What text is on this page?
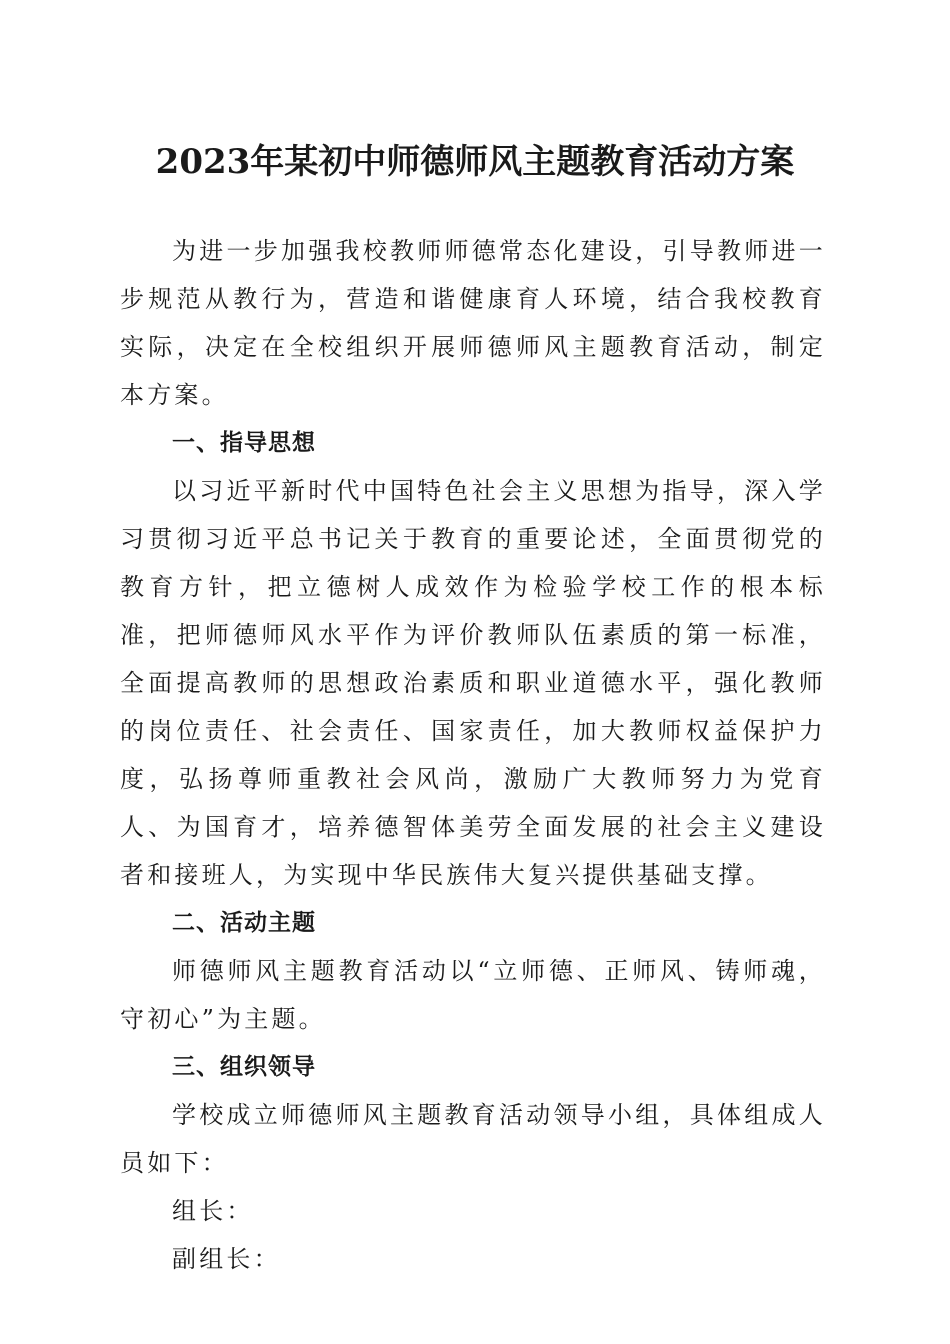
2023年某初中师德师风主题教育活动方案

为进一步加强我校教师师德常态化建设，引导教师进一步规范从教行为，营造和谐健康育人环境，结合我校教育实际，决定在全校组织开展师德师风主题教育活动，制定本方案。

一、指导思想

以习近平新时代中国特色社会主义思想为指导，深入学习贯彻习近平总书记关于教育的重要论述，全面贯彻党的教育方针，把立德树人成效作为检验学校工作的根本标准，把师德师风水平作为评价教师队伍素质的第一标准，全面提高教师的思想政治素质和职业道德水平，强化教师的岗位责任、社会责任、国家责任，加大教师权益保护力度，弘扬尊师重教社会风尚，激励广大教师努力为党育人、为国育才，培养德智体美劳全面发展的社会主义建设者和接班人，为实现中华民族伟大复兴提供基础支撑。

二、活动主题

师德师风主题教育活动以“立师德、正师风、铸师魂，守初心”为主题。

三、组织领导

学校成立师德师风主题教育活动领导小组，具体组成人员如下：

组长：
副组长：
